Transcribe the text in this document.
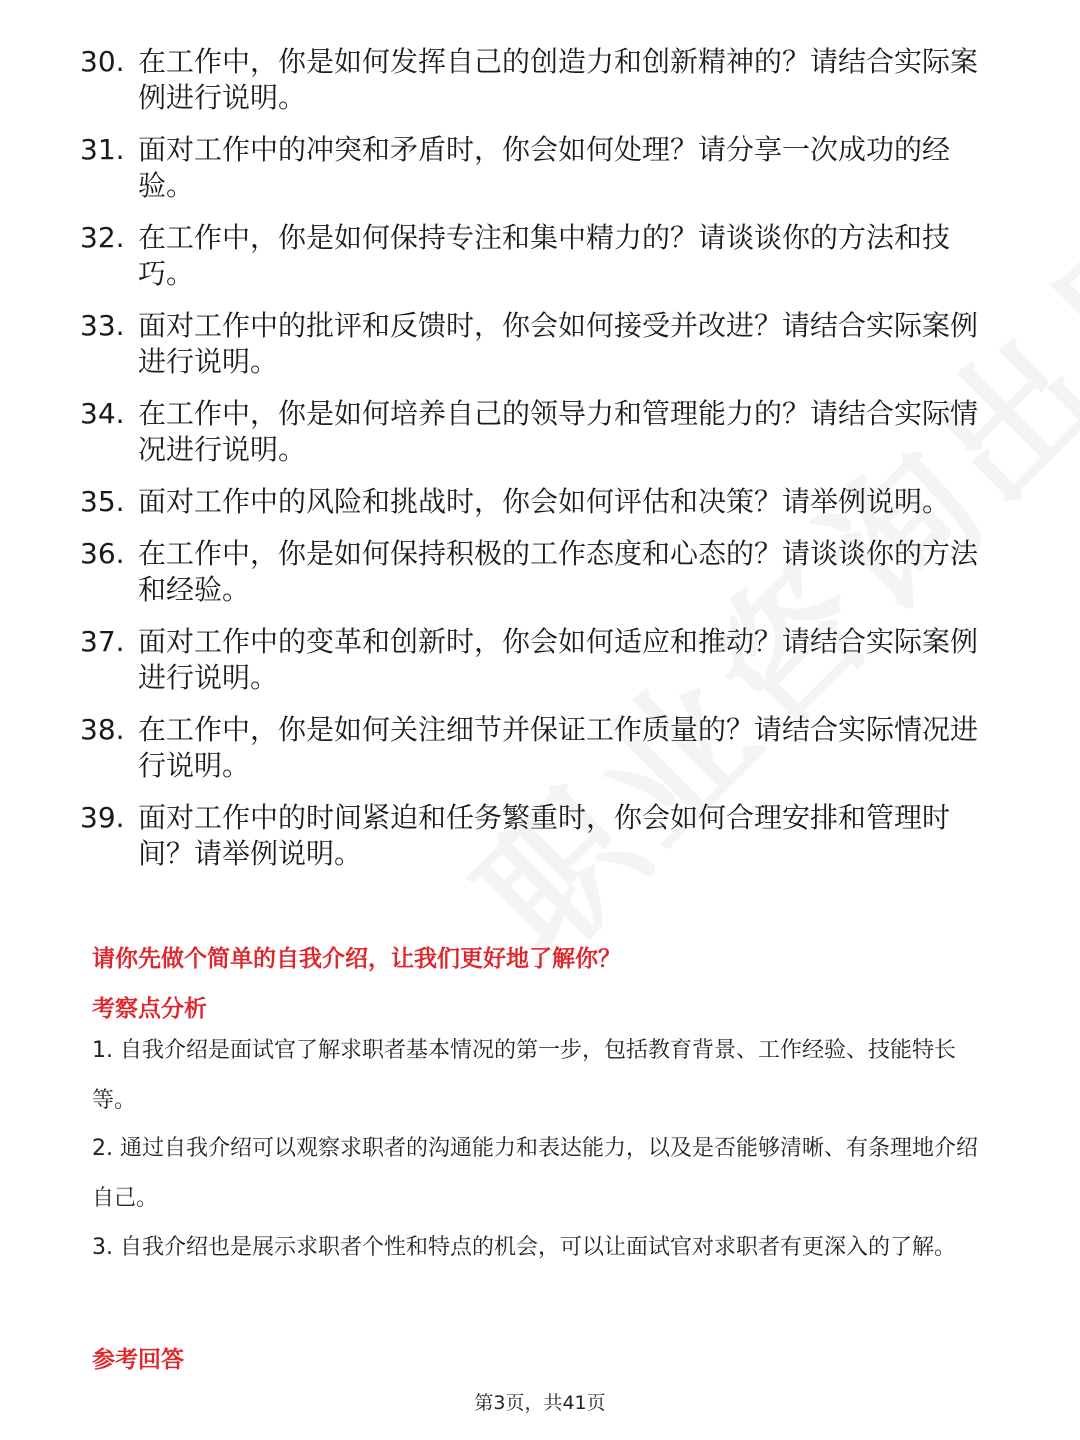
30. 在工作中，你是如何发挥自己的创造力和创新精神的？请结合实际案例进行说明。
31. 面对工作中的冲突和矛盾时，你会如何处理？请分享一次成功的经验。
32. 在工作中，你是如何保持专注和集中精力的？请谈谈你的方法和技巧。
33. 面对工作中的批评和反馈时，你会如何接受并改进？请结合实际案例进行说明。
34. 在工作中，你是如何培养自己的领导力和管理能力的？请结合实际情况进行说明。
35. 面对工作中的风险和挑战时，你会如何评估和决策？请举例说明。
36. 在工作中，你是如何保持积极的工作态度和心态的？请谈谈你的方法和经验。
37. 面对工作中的变革和创新时，你会如何适应和推动？请结合实际案例进行说明。
38. 在工作中，你是如何关注细节并保证工作质量的？请结合实际情况进行说明。
39. 面对工作中的时间紧迫和任务繁重时，你会如何合理安排和管理时间？请举例说明。
请你先做个简单的自我介绍，让我们更好地了解你？
考察点分析
1. 自我介绍是面试官了解求职者基本情况的第一步，包括教育背景、工作经验、技能特长等。
2. 通过自我介绍可以观察求职者的沟通能力和表达能力，以及是否能够清晰、有条理地介绍自己。
3. 自我介绍也是展示求职者个性和特点的机会，可以让面试官对求职者有更深入的了解。
参考回答
第3页，共41页
